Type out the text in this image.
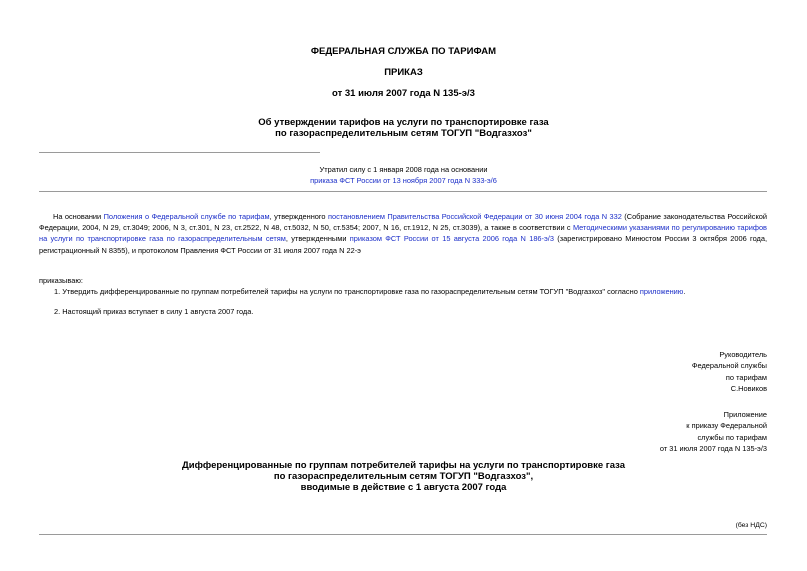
ФЕДЕРАЛЬНАЯ СЛУЖБА ПО ТАРИФАМ
ПРИКАЗ
от 31 июля 2007 года N 135-э/3
Об утверждении тарифов на услуги по транспортировке газа
по газораспределительным сетям ТОГУП "Водгазхоз"
Утратил силу с 1 января 2008 года на основании
приказа ФСТ России от 13 ноября 2007 года N 333-э/6
На основании Положения о Федеральной службе по тарифам, утвержденного постановлением Правительства Российской Федерации от 30 июня 2004 года N 332 (Собрание законодательства Российской Федерации, 2004, N 29, ст.3049; 2006, N 3, ст.301, N 23, ст.2522, N 48, ст.5032, N 50, ст.5354; 2007, N 16, ст.1912, N 25, ст.3039), а также в соответствии с Методическими указаниями по регулированию тарифов на услуги по транспортировке газа по газораспределительным сетям, утвержденными приказом ФСТ России от 15 августа 2006 года N 186-э/3 (зарегистрировано Минюстом России 3 октября 2006 года, регистрационный N 8355), и протоколом Правления ФСТ России от 31 июля 2007 года N 22-э
приказываю:
1. Утвердить дифференцированные по группам потребителей тарифы на услуги по транспортировке газа по газораспределительным сетям ТОГУП "Водгазхоз" согласно приложению.
2. Настоящий приказ вступает в силу 1 августа 2007 года.
Руководитель
Федеральной службы
по тарифам
С.Новиков
Приложение
к приказу Федеральной
службы по тарифам
от 31 июля 2007 года N 135-э/3
Дифференцированные по группам потребителей тарифы на услуги по транспортировке газа
по газораспределительным сетям ТОГУП "Водгазхоз",
вводимые в действие с 1 августа 2007 года
(без НДС)
